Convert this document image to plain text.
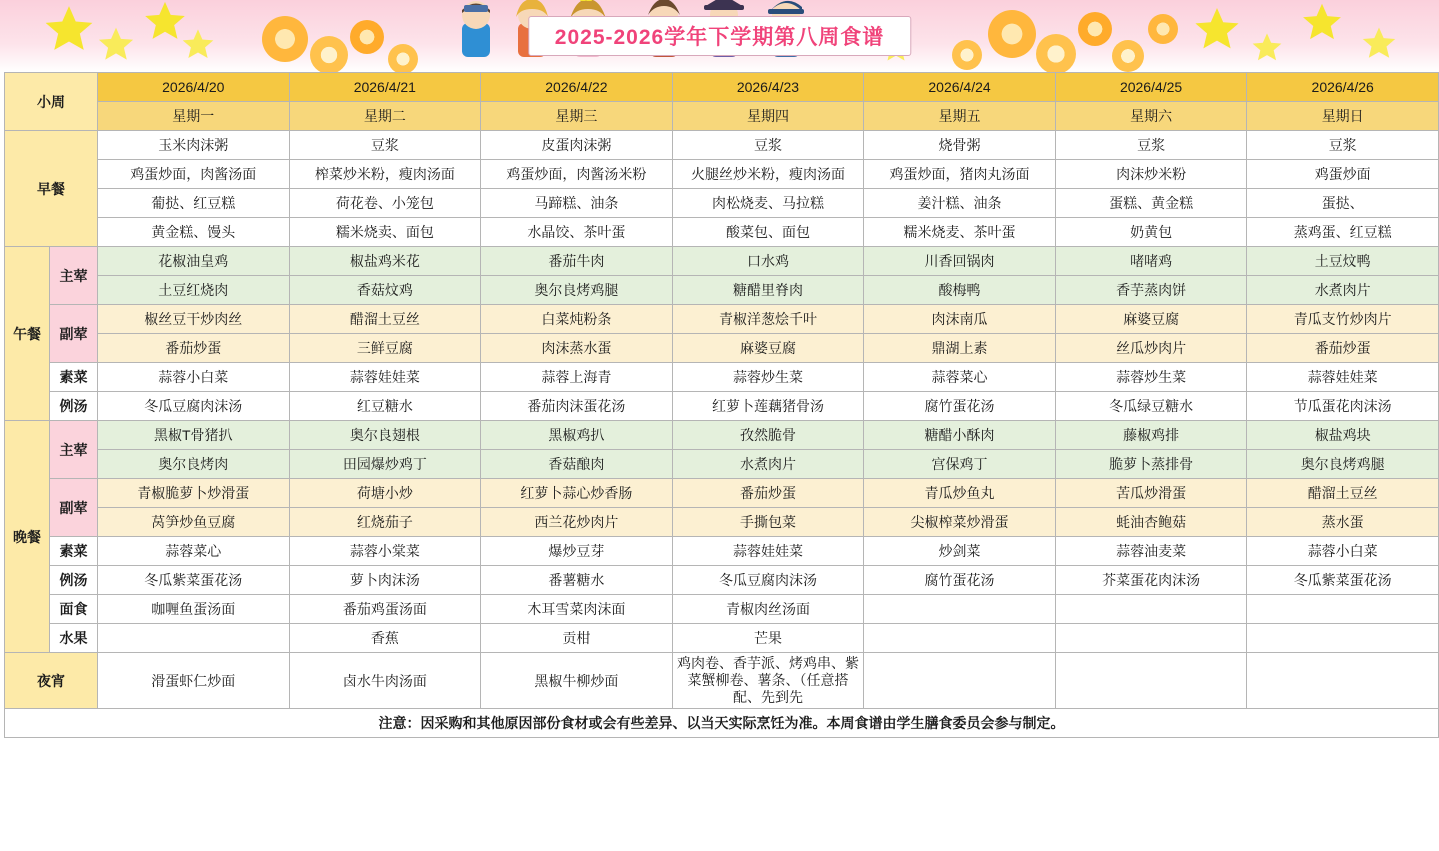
2025-2026学年下学期第八周食谱
小周		2026/4/20	2026/4/21	2026/4/22	2026/4/23	2026/4/24	2026/4/25	2026/4/26
		星期一	星期二	星期三	星期四	星期五	星期六	星期日
早餐		玉米肉沫粥	豆浆	皮蛋肉沫粥	豆浆	烧骨粥	豆浆	豆浆
		鸡蛋炒面，肉酱汤面	榨菜炒米粉，瘦肉汤面	鸡蛋炒面，肉酱汤米粉	火腿丝炒米粉，瘦肉汤面	鸡蛋炒面，猪肉丸汤面	肉沫炒米粉	鸡蛋炒面
		葡挞、红豆糕	荷花卷、小笼包	马蹄糕、油条	肉松烧麦、马拉糕	姜汁糕、油条	蛋糕、黄金糕	蛋挞、
		黄金糕、馒头	糯米烧卖、面包	水晶饺、茶叶蛋	酸菜包、面包	糯米烧麦、茶叶蛋	奶黄包	蒸鸡蛋、红豆糕
午餐	主荤	花椒油皇鸡	椒盐鸡米花	番茄牛肉	口水鸡	川香回锅肉	啫啫鸡	土豆炆鸭
		土豆红烧肉	香菇炆鸡	奥尔良烤鸡腿	糖醋里脊肉	酸梅鸭	香芋蒸肉饼	水煮肉片
	副荤	椒丝豆干炒肉丝	醋溜土豆丝	白菜炖粉条	青椒洋葱烩千叶	肉沫南瓜	麻婆豆腐	青瓜支竹炒肉片
		番茄炒蛋	三鲜豆腐	肉沫蒸水蛋	麻婆豆腐	鼎湖上素	丝瓜炒肉片	番茄炒蛋
	素菜	蒜蓉小白菜	蒜蓉娃娃菜	蒜蓉上海青	蒜蓉炒生菜	蒜蓉菜心	蒜蓉炒生菜	蒜蓉娃娃菜
	例汤	冬瓜豆腐肉沫汤	红豆糖水	番茄肉沫蛋花汤	红萝卜莲藕猪骨汤	腐竹蛋花汤	冬瓜绿豆糖水	节瓜蛋花肉沫汤
晚餐	主荤	黑椒T骨猪扒	奥尔良翅根	黑椒鸡扒	孜然脆骨	糖醋小酥肉	藤椒鸡排	椒盐鸡块
		奥尔良烤肉	田园爆炒鸡丁	香菇酿肉	水煮肉片	宫保鸡丁	脆萝卜蒸排骨	奥尔良烤鸡腿
	副荤	青椒脆萝卜炒滑蛋	荷塘小炒	红萝卜蒜心炒香肠	番茄炒蛋	青瓜炒鱼丸	苦瓜炒滑蛋	醋溜土豆丝
		莴笋炒鱼豆腐	红烧茄子	西兰花炒肉片	手撕包菜	尖椒榨菜炒滑蛋	蚝油杏鲍菇	蒸水蛋
	素菜	蒜蓉菜心	蒜蓉小棠菜	爆炒豆芽	蒜蓉娃娃菜	炒剑菜	蒜蓉油麦菜	蒜蓉小白菜
	例汤	冬瓜紫菜蛋花汤	萝卜肉沫汤	番薯糖水	冬瓜豆腐肉沫汤	腐竹蛋花汤	芥菜蛋花肉沫汤	冬瓜紫菜蛋花汤
	面食	咖喱鱼蛋汤面	番茄鸡蛋汤面	木耳雪菜肉沫面	青椒肉丝汤面			
	水果		香蕉	贡柑	芒果			
夜宵		滑蛋虾仁炒面	卤水牛肉汤面	黑椒牛柳炒面	鸡肉卷、香芋派、烤鸡串、紫菜蟹柳卷、薯条、（任意搭配、先到先			
注意：因采购和其他原因部份食材或会有些差异、以当天实际烹饪为准。本周食谱由学生膳食委员会参与制定。								
